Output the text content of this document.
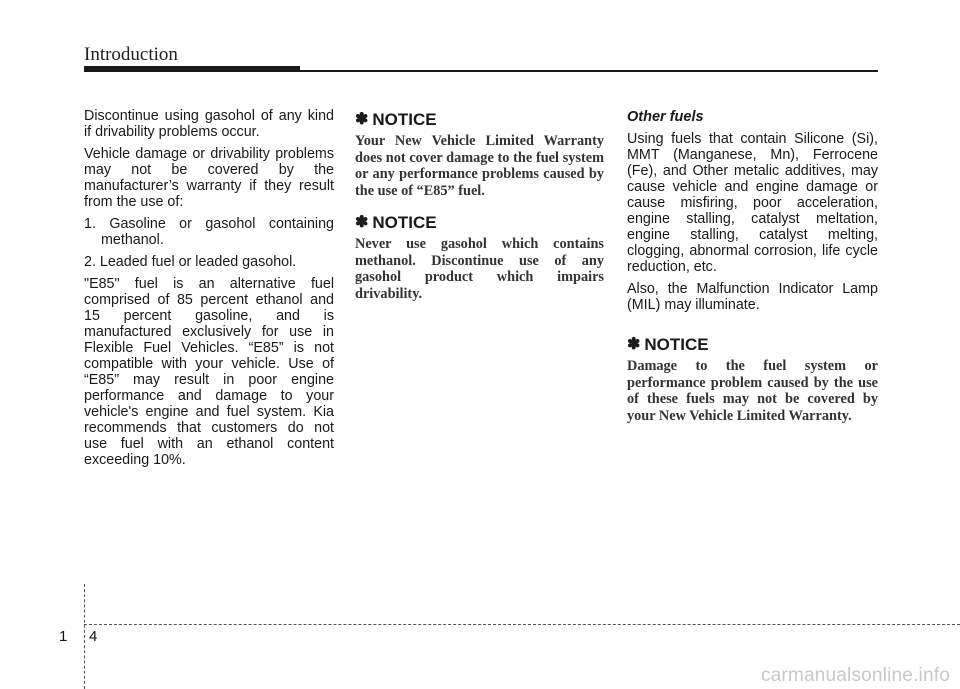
Introduction

Discontinue using gasohol of any kind if drivability problems occur.

Vehicle damage or drivability problems may not be covered by the manufacturer’s warranty if they result from the use of:

1. Gasoline or gasohol containing methanol.
2. Leaded fuel or leaded gasohol.

"E85" fuel is an alternative fuel comprised of 85 percent ethanol and 15 percent gasoline, and is manufactured exclusively for use in Flexible Fuel Vehicles. “E85” is not compatible with your vehicle. Use of “E85” may result in poor engine performance and damage to your vehicle's engine and fuel system. Kia recommends that customers do not use fuel with an ethanol content exceeding 10%.

✽ NOTICE

Your New Vehicle Limited Warranty does not cover damage to the fuel system or any performance problems caused by the use of “E85” fuel.

✽ NOTICE

Never use gasohol which contains methanol. Discontinue use of any gasohol product which impairs drivability.

Other fuels

Using fuels that contain Silicone (Si), MMT (Manganese, Mn), Ferrocene (Fe), and Other metalic additives, may cause vehicle and engine damage or cause misfiring, poor acceleration, engine stalling, catalyst meltation, engine stalling, catalyst melting, clogging, abnormal corrosion, life cycle reduction, etc.

Also, the Malfunction Indicator Lamp (MIL) may illuminate.

✽ NOTICE

Damage to the fuel system or performance problem caused by the use of these fuels may not be covered by your New Vehicle Limited Warranty.

1 4
carmanualsonline.info
